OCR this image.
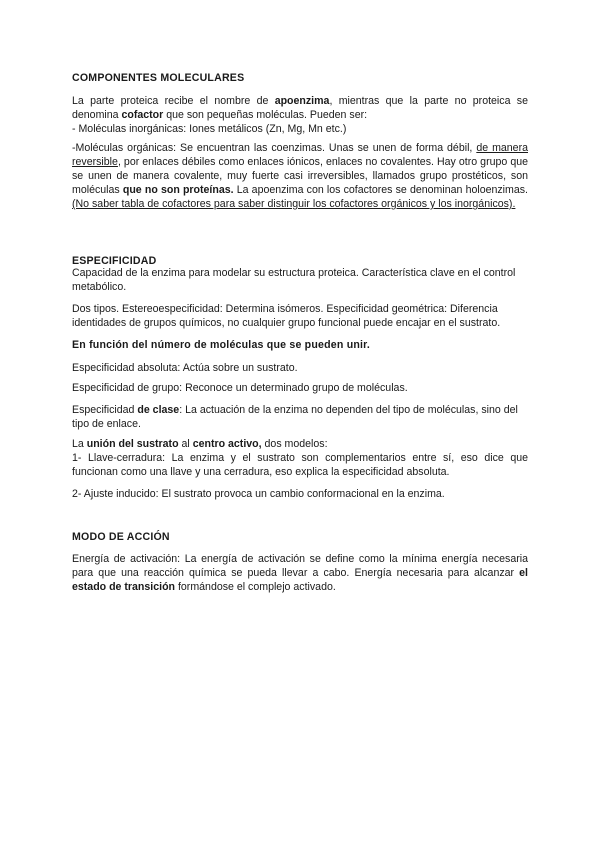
COMPONENTES MOLECULARES
La parte proteica recibe el nombre de apoenzima, mientras que la parte no proteica se denomina cofactor que son pequeñas moléculas. Pueden ser:
- Moléculas inorgánicas: Iones metálicos (Zn, Mg, Mn etc.)
-Moléculas orgánicas: Se encuentran las coenzimas. Unas se unen de forma débil, de manera reversible, por enlaces débiles como enlaces iónicos, enlaces no covalentes. Hay otro grupo que se unen de manera covalente, muy fuerte casi irreversibles, llamados grupo prostéticos, son moléculas que no son proteínas. La apoenzima con los cofactores se denominan holoenzimas. (No saber tabla de cofactores para saber distinguir los cofactores orgánicos y los inorgánicos).
ESPECIFICIDAD
Capacidad de la enzima para modelar su estructura proteica. Característica clave en el control metabólico.
Dos tipos. Estereoespecificidad: Determina isómeros. Especificidad geométrica: Diferencia identidades de grupos químicos, no cualquier grupo funcional puede encajar en el sustrato.
En función del número de moléculas que se pueden unir.
Especificidad absoluta: Actúa sobre un sustrato.
Especificidad de grupo: Reconoce un determinado grupo de moléculas.
Especificidad de clase: La actuación de la enzima no dependen del tipo de moléculas, sino del tipo de enlace.
La unión del sustrato al centro activo, dos modelos:
1- Llave-cerradura: La enzima y el sustrato son complementarios entre sí, eso dice que funcionan como una llave y una cerradura, eso explica la especificidad absoluta.
2- Ajuste inducido: El sustrato provoca un cambio conformacional en la enzima.
MODO DE ACCIÓN
Energía de activación: La energía de activación se define como la mínima energía necesaria para que una reacción química se pueda llevar a cabo. Energía necesaria para alcanzar el estado de transición formándose el complejo activado.
